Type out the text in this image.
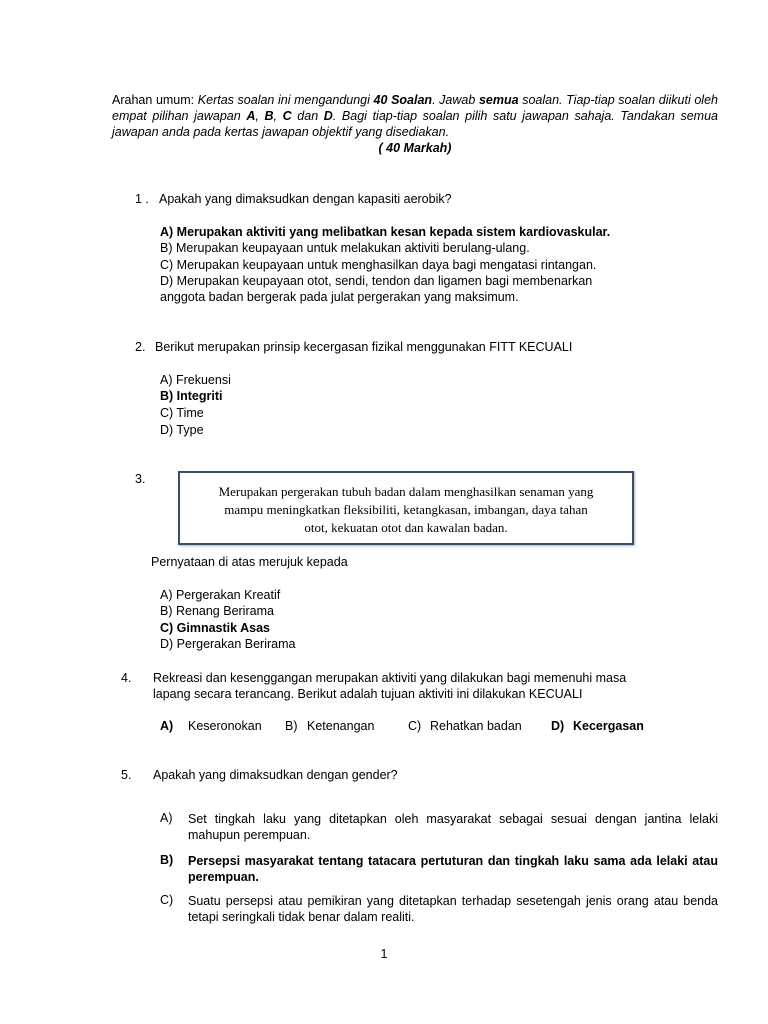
Arahan umum: Kertas soalan ini mengandungi 40 Soalan. Jawab semua soalan. Tiap-tiap soalan diikuti oleh empat pilihan jawapan A, B, C dan D. Bagi tiap-tiap soalan pilih satu jawapan sahaja. Tandakan semua jawapan anda pada kertas jawapan objektif yang disediakan.
( 40 Markah)
1 . Apakah yang dimaksudkan dengan kapasiti aerobik?
A) Merupakan aktiviti yang melibatkan kesan kepada sistem kardiovaskular.
B) Merupakan keupayaan untuk melakukan aktiviti berulang-ulang.
C) Merupakan keupayaan untuk menghasilkan daya bagi mengatasi rintangan.
D) Merupakan keupayaan otot, sendi, tendon dan ligamen bagi membenarkan
anggota badan bergerak pada julat pergerakan yang maksimum.
2. Berikut merupakan prinsip kecergasan fizikal menggunakan FITT KECUALI
A) Frekuensi
B) Integriti
C) Time
D) Type
3.
Merupakan pergerakan tubuh badan dalam menghasilkan senaman yang
mampu meningkatkan fleksibiliti, ketangkasan, imbangan, daya tahan
otot, kekuatan otot dan kawalan badan.
Pernyataan di atas merujuk kepada
A) Pergerakan Kreatif
B) Renang Berirama
C) Gimnastik Asas
D) Pergerakan Berirama
4. Rekreasi dan kesenggangan merupakan aktiviti yang dilakukan bagi memenuhi masa
lapang secara terancang. Berikut adalah tujuan aktiviti ini dilakukan KECUALI
A) Keseronokan B) Ketenangan	C) Rehatkan badan D) Kecergasan
5. Apakah yang dimaksudkan dengan gender?
A) Set tingkah laku yang ditetapkan oleh masyarakat sebagai sesuai dengan jantina lelaki mahupun perempuan.
B) Persepsi masyarakat tentang tatacara pertuturan dan tingkah laku sama ada lelaki atau perempuan.
C) Suatu persepsi atau pemikiran yang ditetapkan terhadap sesetengah jenis orang atau benda tetapi seringkali tidak benar dalam realiti.
1
